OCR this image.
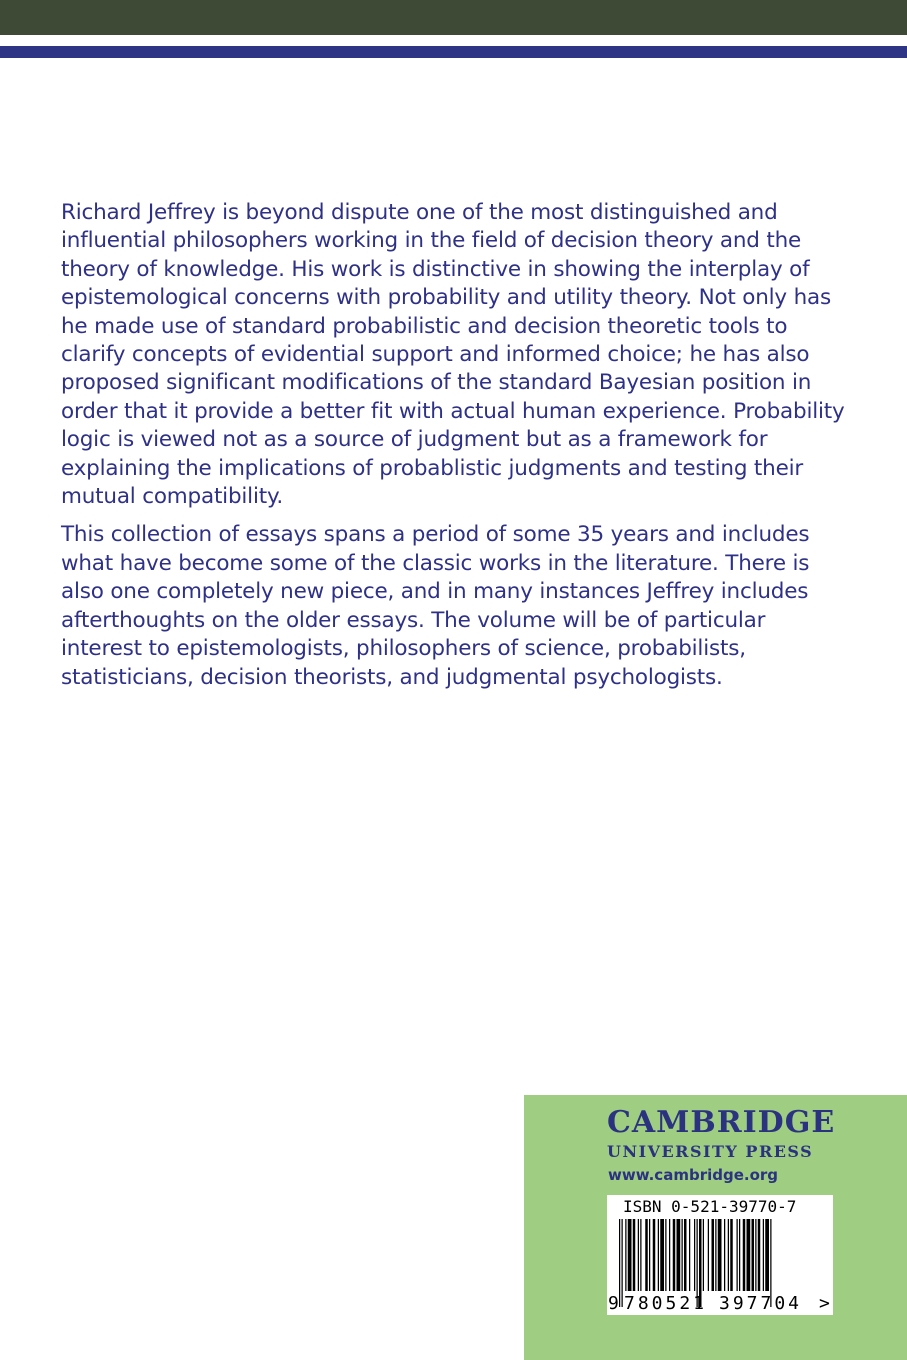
Richard Jeffrey is beyond dispute one of the most distinguished and influential philosophers working in the field of decision theory and the theory of knowledge. His work is distinctive in showing the interplay of epistemological concerns with probability and utility theory. Not only has he made use of standard probabilistic and decision theoretic tools to clarify concepts of evidential support and informed choice; he has also proposed significant modifications of the standard Bayesian position in order that it provide a better fit with actual human experience. Probability logic is viewed not as a source of judgment but as a framework for explaining the implications of probablistic judgments and testing their mutual compatibility.

This collection of essays spans a period of some 35 years and includes what have become some of the classic works in the literature. There is also one completely new piece, and in many instances Jeffrey includes afterthoughts on the older essays. The volume will be of particular interest to epistemologists, philosophers of science, probabilists, statisticians, decision theorists, and judgmental psychologists.

CAMBRIDGE
UNIVERSITY PRESS
www.cambridge.org
ISBN 0-521-39770-7
9 780521 397704 >
